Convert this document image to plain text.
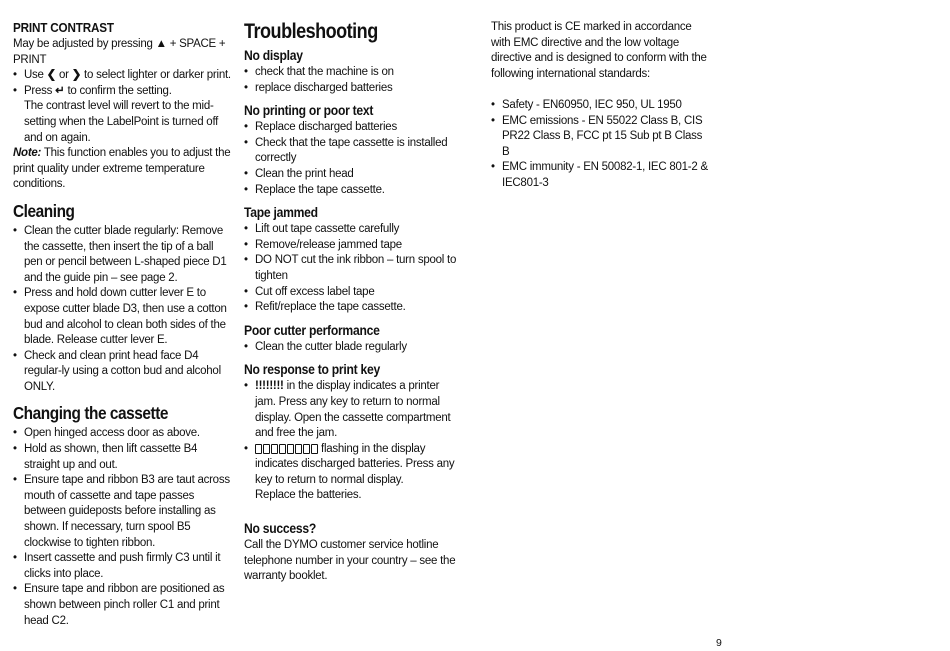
PRINT CONTRAST

May be adjusted by pressing ▲ + SPACE +
PRINT

• Use ❮ or ❯ to select lighter or darker print.
• Press ↵ to confirm the setting.
The contrast level will revert to the mid-setting when the LabelPoint is turned off and on again.

Note: This function enables you to adjust the print quality under extreme temperature conditions.

Cleaning
• Clean the cutter blade regularly: Remove the cassette, then insert the tip of a ball pen or pencil between L-shaped piece D1 and the guide pin – see page 2.
• Press and hold down cutter lever E to expose cutter blade D3, then use a cotton bud and alcohol to clean both sides of the blade. Release cutter lever E.
• Check and clean print head face D4 regular-ly using a cotton bud and alcohol ONLY.
Changing the cassette
• Open hinged access door as above.
• Hold as shown, then lift cassette B4 straight up and out.
• Ensure tape and ribbon B3 are taut across mouth of cassette and tape passes between guideposts before installing as shown. If necessary, turn spool B5 clockwise to tighten ribbon.
• Insert cassette and push firmly C3 until it clicks into place.
• Ensure tape and ribbon are positioned as shown between pinch roller C1 and print head C2.
Troubleshooting
No display
• check that the machine is on
• replace discharged batteries
No printing or poor text
• Replace discharged batteries
• Check that the tape cassette is installed correctly
• Clean the print head
• Replace the tape cassette.
Tape jammed
• Lift out tape cassette carefully
• Remove/release jammed tape
• DO NOT cut the ink ribbon – turn spool to tighten
• Cut off excess label tape
• Refit/replace the tape cassette.
Poor cutter performance
• Clean the cutter blade regularly
No response to print key
• !!!!!!!! in the display indicates a printer jam. Press any key to return to normal display. Open the cassette compartment and free the jam.
• flashing in the display indicates discharged batteries. Press any key to return to normal display.
Replace the batteries.
No success?

Call the DYMO customer service hotline telephone number in your country – see the warranty booklet.

This product is CE marked in accordance with EMC directive and the low voltage directive and is designed to conform with the following international standards:

• Safety - EN60950, IEC 950, UL 1950
• EMC emissions - EN 55022 Class B, CIS PR22 Class B, FCC pt 15 Sub pt B Class B
• EMC immunity - EN 50082-1, IEC 801-2 & IEC801-3
9
